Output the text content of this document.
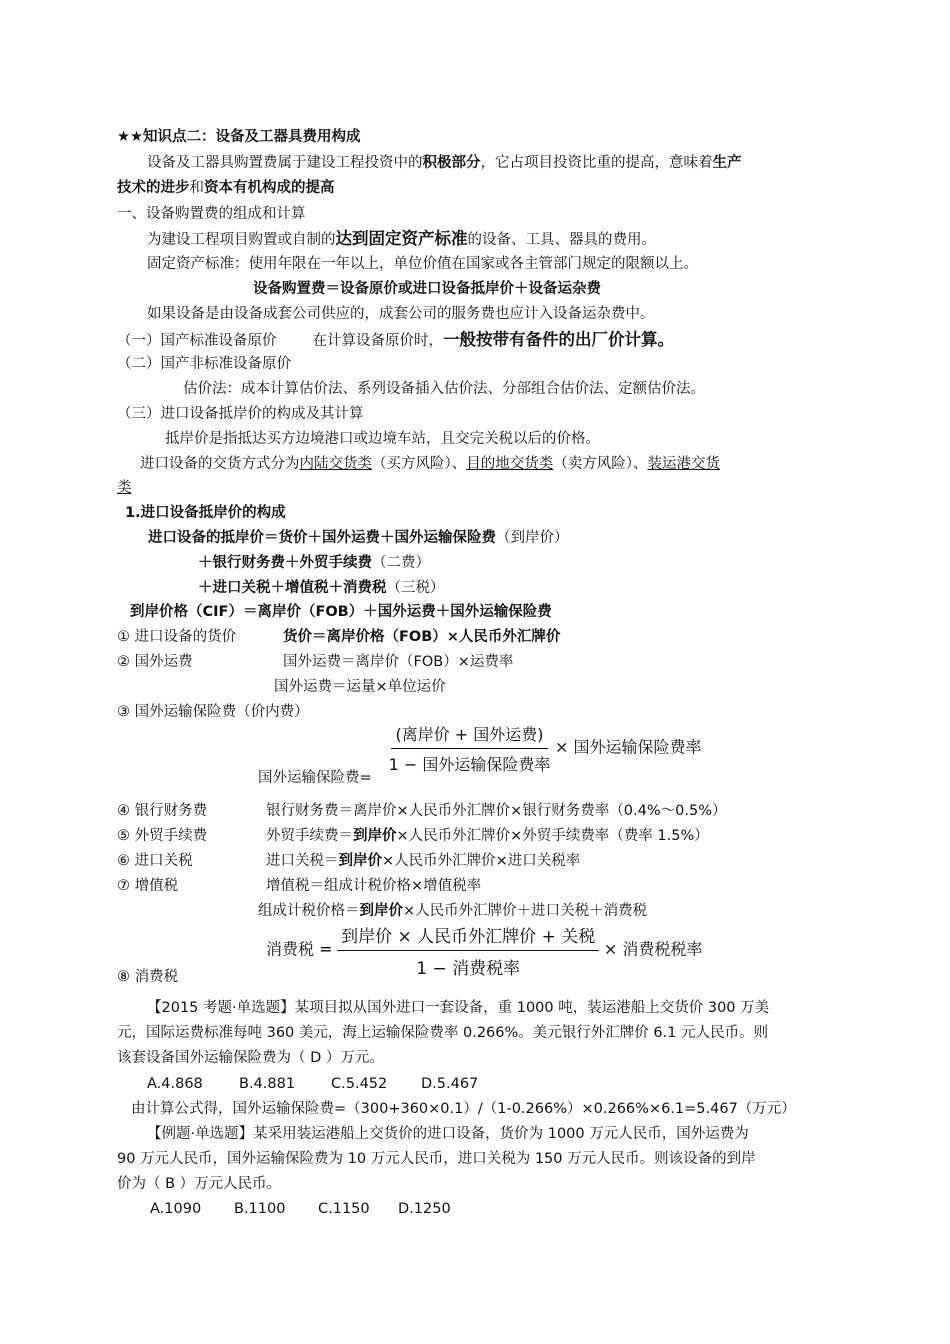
★★知识点二：设备及工器具费用构成
设备及工器具购置费属于建设工程投资中的积极部分，它占项目投资比重的提高，意味着生产
技术的进步和资本有机构成的提高
一、设备购置费的组成和计算
为建设工程项目购置或自制的达到固定资产标准的设备、工具、器具的费用。
固定资产标准：使用年限在一年以上，单位价值在国家或各主管部门规定的限额以上。
设备购置费＝设备原价或进口设备抵岸价＋设备运杂费
如果设备是由设备成套公司供应的，成套公司的服务费也应计入设备运杂费中。
（一）国产标准设备原价 在计算设备原价时，一般按带有备件的出厂价计算。
（二）国产非标准设备原价
估价法：成本计算估价法、系列设备插入估价法、分部组合估价法、定额估价法。
（三）进口设备抵岸价的构成及其计算
抵岸价是指抵达买方边境港口或边境车站，且交完关税以后的价格。
进口设备的交货方式分为内陆交货类（买方风险）、目的地交货类（卖方风险）、装运港交货
类
1.进口设备抵岸价的构成
进口设备的抵岸价＝货价＋国外运费＋国外运输保险费（到岸价）
＋银行财务费＋外贸手续费（二费）
＋进口关税＋增值税＋消费税（三税）
到岸价格（CIF）＝离岸价（FOB）＋国外运费＋国外运输保险费
① 进口设备的货价	货价＝离岸价格（FOB）×人民币外汇牌价
② 国外运费	国外运费＝离岸价（FOB）×运费率
国外运费＝运量×单位运价
③ 国外运输保险费（价内费）

$\frac{\text{(离岸价 + 国外运费)}}{\text{1 − 国外运输保险费率}}$ × 国外运输保险费率
国外运输保险费=
④ 银行财务费	银行财务费＝离岸价×人民币外汇牌价×银行财务费率（0.4%～0.5%）
⑤ 外贸手续费	外贸手续费＝到岸价×人民币外汇牌价×外贸手续费率（费率 1.5%）
⑥ 进口关税	进口关税＝到岸价×人民币外汇牌价×进口关税率
⑦ 增值税	增值税＝组成计税价格×增值税率
组成计税价格＝到岸价×人民币外汇牌价＋进口关税＋消费税
消费税 = $\frac{\text{到岸价 × 人民币外汇牌价 + 关税}}{\text{1 − 消费税率}}$ × 消费税税率
⑧ 消费税
【2015 考题·单选题】某项目拟从国外进口一套设备，重 1000 吨，装运港船上交货价 300 万美
元，国际运费标准每吨 360 美元，海上运输保险费率 0.266%。美元银行外汇牌价 6.1 元人民币。则
该套设备国外运输保险费为（ D ）万元。
A.4.868 B.4.881 C.5.452 D.5.467
由计算公式得，国外运输保险费=（300+360×0.1）/（1-0.266%）×0.266%×6.1=5.467（万元）
【例题·单选题】某采用装运港船上交货价的进口设备，货价为 1000 万元人民币，国外运费为
90 万元人民币，国外运输保险费为 10 万元人民币，进口关税为 150 万元人民币。则该设备的到岸
价为（ B ）万元人民币。
A.1090 B.1100 C.1150 D.1250
